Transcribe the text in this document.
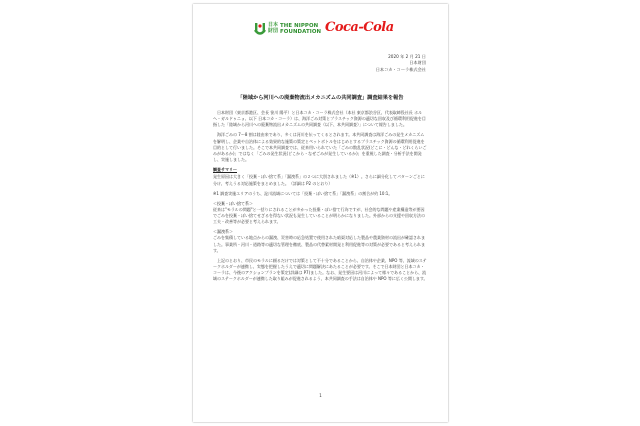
日本 財団
THE NIPPON
FOUNDATION Coca-Cola
2020 年 2 月 21 日
日本財団
日本コカ・コーラ株式会社
「陸域から河川への廃棄物流出メカニズムの共同調査」調査結果を報告

日本財団（東京都港区、会長 笹川 陽平）と日本コカ・コーラ株式会社（本社 東京都渋谷区、代表取締役社長 ホルヘ・ガルドゥニョ、以下 日本コカ・コーラ）は、海洋ごみ対策とプラスチック資源の適切な回収及び循環利用促進を目指した「陸域から河川への廃棄物流出メカニズムの共同調査（以下、本共同調査）」について報告しました。

海洋ごみの 7～8 割は陸由来であり、多くは河川を伝ってくるとされます。本共同調査は海洋ごみの発生メカニズムを解明し、企業や自治体による効果的な施策の策定とペットボトルをはじめとするプラスチック資源の循環利用促進を目的として行いました。そこで本共同調査では、従来用いられていた「ごみの散乱状況(どこに・どんな・どれくらいごみがあるか)」ではなく「ごみの発生状況(どこから・なぜごみが発生しているか)」を重視した調査・分析手法を開発し、実施しました。

調査サマリー

発生原因は大きく「投棄・ぽい捨て系」「漏洩系」の２つに大別されました（※1）。さらに細分化してパターンごとに分け、考えうる対応施策をまとめました。（詳細は P2 のとおり）

※1 調査実施エリアのうち、淀川流域については「投棄・ぽい捨て系」「漏洩系」の割合が約 10:1。

＜投棄・ぽい捨て系＞

従来は"モラルの問題"と一括りにされることが多かった投棄・ぽい捨て行為ですが、社会的な問題や産業構造等が要因でごみを投棄・ぽい捨てせざるを得ない状況も発生していることが明らかになりました。外部からの支援や回収方法の工夫・改善等が必要と考えられます。

＜漏洩系＞

ごみを集積している地点からの漏洩、災害時の応急処置で使用された暗渠対応した製品や農業資材の流出が確認されました。事業所・河川・道路等の適切な管理を徹底、製品の代替素材開発と利用促進等の対策が必要であると考えられます。

上記のとおり、市民のモラルに頼るだけでは対策として不十分であることから、自治体や企業、NPO 等、流域のステークホルダーが連携し、実態を把握したうえで適切に問題解決にあたることが必要です。そこで日本財団と日本コカ・コーラは、今後のアクションプランを策定(詳細は P7)ました。なお、発生要因は河川によって様々であることから、流域のステークホルダーが連携した取り組みが促進されるよう、本共同調査の手法は自治体や NPO 等に広く公開します。

1
